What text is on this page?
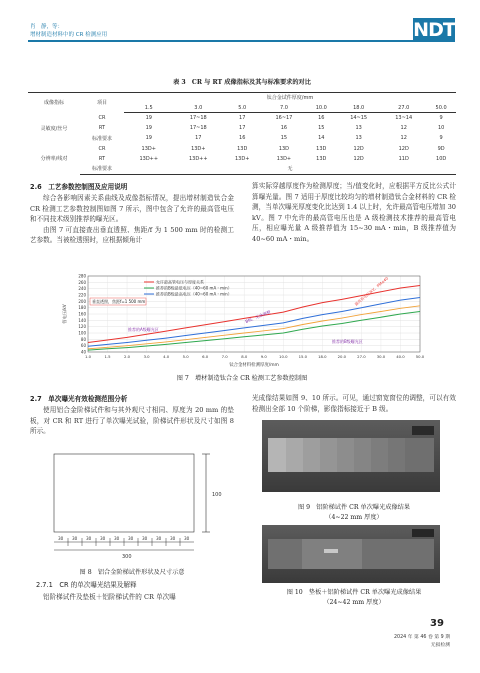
肖　静，等：
增材制造材料中的 CR 检测应用	NDT
表 3　CR 与 RT 成像指标及其与标准要求的对比
成像指标	项目	钛合金试件厚度/mm							
		1.5	3.0	5.0	7.0	10.0	18.0	27.0	50.0
灵敏度/丝号	CR	19	17~18	17	16~17	16	14~15	13~14	9
	RT	19	17~18	17	16	15	13	12	10
	标准要求	19	17	16	15	14	13	12	9
分辨率/线对	CR	13D+	13D+	13D	13D	13D	12D	12D	9D
	RT	13D++	13D++	13D+	13D+	13D	12D	11D	10D
	标准要求	无							
2.6　工艺参数控制图及应用说明

综合各影响因素关系曲线及成像指标情况，提出增材制造钛合金 CR 检测工艺参数控制图如图 7 所示，图中包含了允许的最高管电压和不同技术级别推荐的曝光区。

由图 7 可直接查出垂直透照、焦距/f 为 1 500 mm 时的检测工艺参数。当被检透照时，应根据倾角计

算实际穿越厚度作为检测厚度；当/值变化时，应根据平方反比公式计算曝光量。图 7 适用于厚度比较均匀的增材制造钛合金材料的 CR 检测，当单次曝光厚度变化比达到 1.4 以上时，允许最高管电压增加 30 kV。图 7 中允许的最高管电压也是 A 级检测技术推荐的最高管电压，相应曝光量 A 级推荐值为 15~30 mA・min，B 级推荐值为 40~60 mA・min。
40
60
80
100
120
140
160
180
200
220
240
260
280
1.0	1.5	2.0	3.0	4.0	5.0	6.0	7.0	8.0	9.0	10.0	15.0	18.0	20.0	27.0	30.0	40.0	50.0
允许最高管电压与厚度关系
推荐的B级最低电压（40~60 mA・min）
推荐的B级最高电压（40~60 mA・min）
垂直透照，焦距f=1 500 mm
推荐的A级曝光区
B级，无余调整
推荐的B级曝光区
最高管电压/kV，PM≤40
管电压/kV
钛合金材料检测厚度/mm
图 7　增材制造钛合金 CR 检测工艺参数控制图
2.7　单次曝光有效检测范围分析

使用铝合金阶梯试件和与其外观尺寸相同、厚度为 20 mm 的垫板，对 CR 和 RT 进行了单次曝光试验，阶梯试件形状及尺寸如图 8 所示。

光成像结果如图 9、10 所示。可见，通过窗宽窗位的调整，可以有效检测出全部 10 个阶梯，影像指标接近于 B 级。
100
300
30 30 30 30 30 30 30 30 30 30
图 8　铝合金阶梯试件形状及尺寸示意
2.7.1　CR 的单次曝光结果及解释

铝阶梯试件及垫板＋铝阶梯试件的 CR 单次曝

图 9　铝阶梯试件 CR 单次曝光成像结果
（4~22 mm 厚度）
图 10　垫板＋铝阶梯试件 CR 单次曝光成像结果
（24~42 mm 厚度）
39
2024 年 第 46 卷 第 9 期
无损检测
